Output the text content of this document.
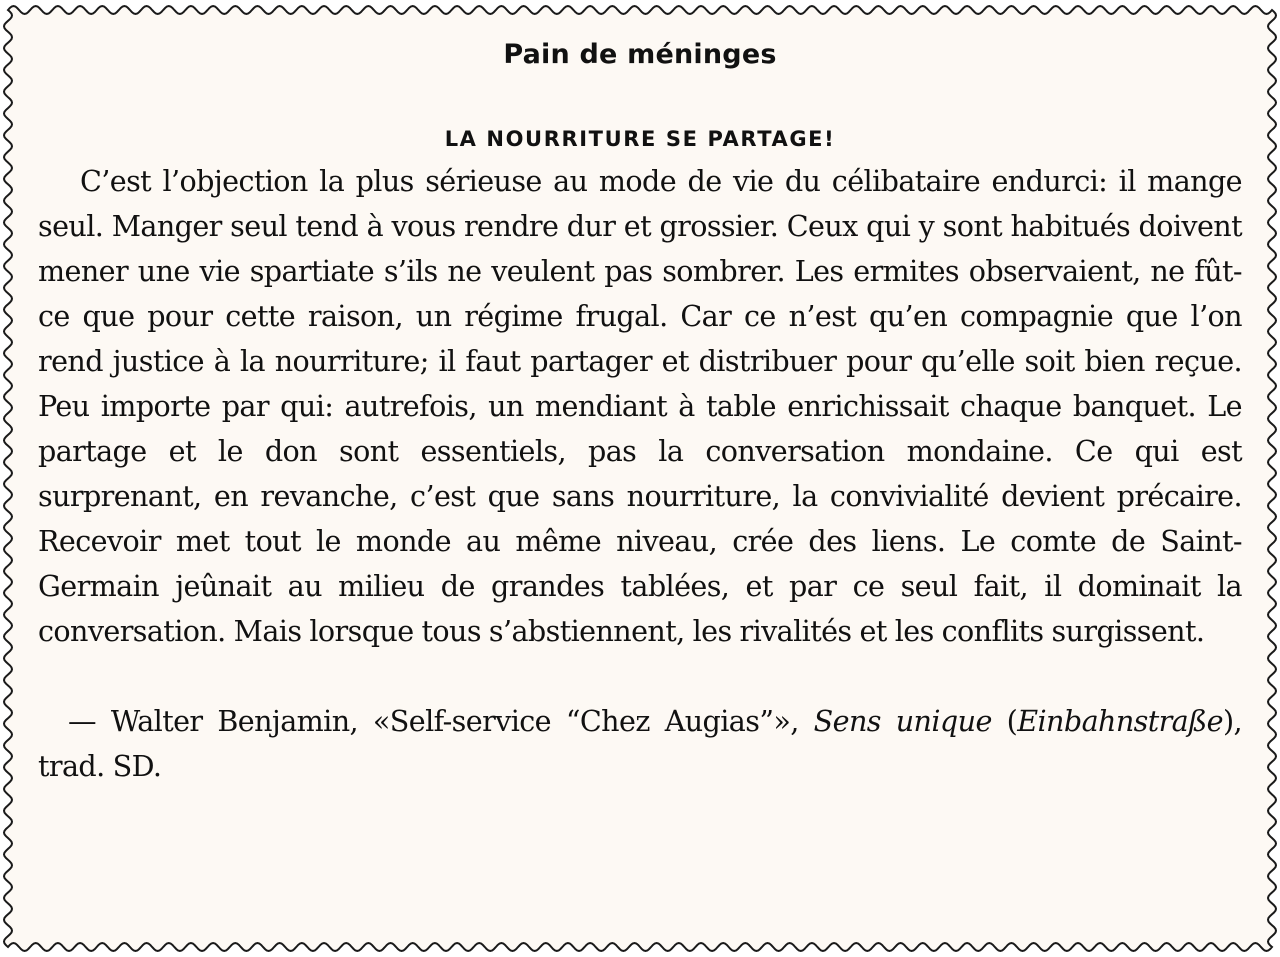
Pain de méninges
LA NOURRITURE SE PARTAGE!

C’est l’objection la plus sérieuse au mode de vie du célibataire endurci: il mange seul. Manger seul tend à vous rendre dur et grossier. Ceux qui y sont habitués doivent mener une vie spartiate s’ils ne veulent pas sombrer. Les ermites observaient, ne fût-ce que pour cette raison, un régime frugal. Car ce n’est qu’en compagnie que l’on rend justice à la nourriture; il faut partager et distribuer pour qu’elle soit bien reçue. Peu importe par qui: autrefois, un mendiant à table enrichissait chaque banquet. Le partage et le don sont essentiels, pas la conversation mondaine. Ce qui est surprenant, en revanche, c’est que sans nourriture, la convivialité devient précaire. Recevoir met tout le monde au même niveau, crée des liens. Le comte de Saint-Germain jeûnait au milieu de grandes tablées, et par ce seul fait, il dominait la conversation. Mais lorsque tous s’abstiennent, les rivalités et les conflits surgissent.

— Walter Benjamin, «Self-service “Chez Augias”», Sens unique (Einbahnstraße), trad. SD.
